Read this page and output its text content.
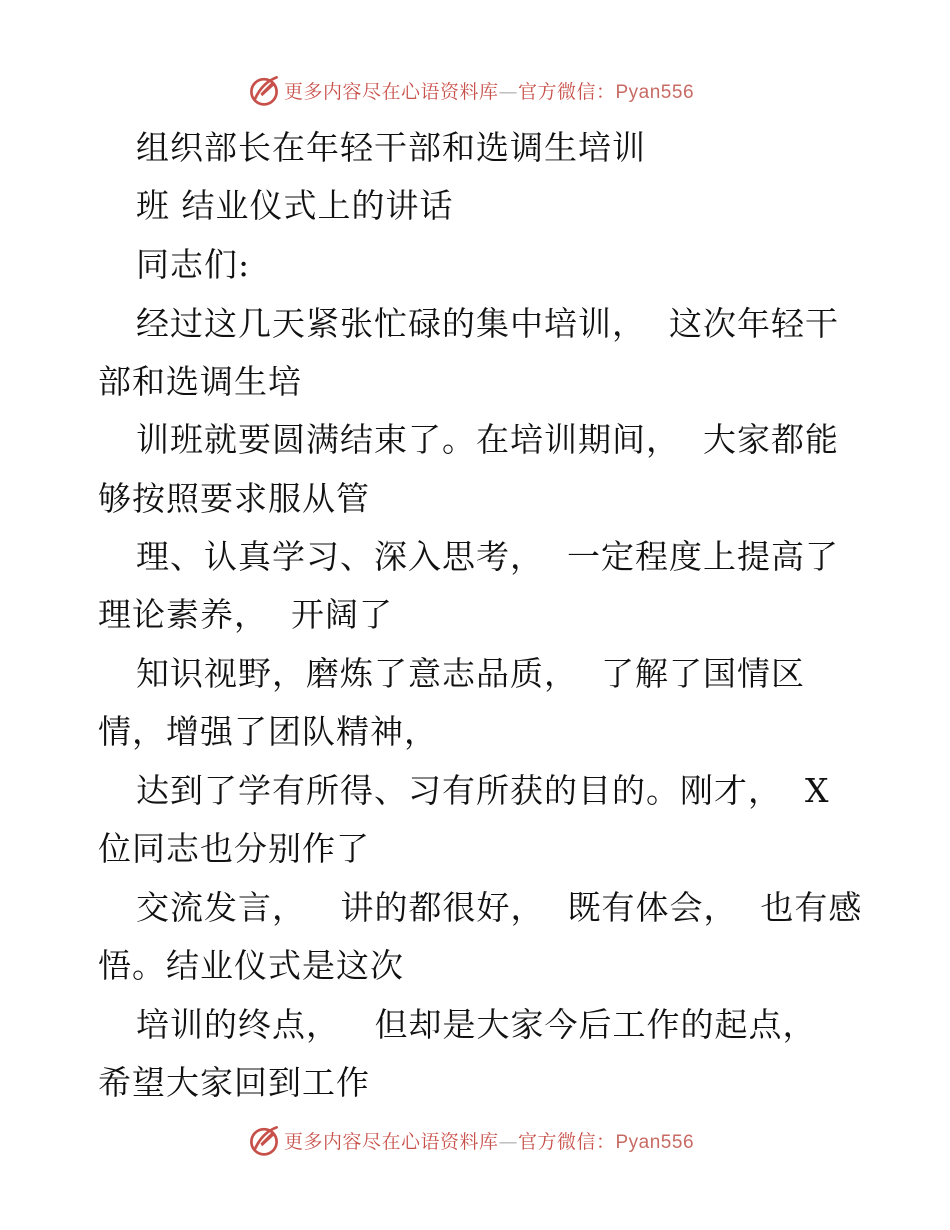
更多内容尽在心语资料库—官方微信：Pyan556
组织部长在年轻干部和选调生培训
班 结业仪式上的讲话
同志们:
经过这几天紧张忙碌的集中培训，  这次年轻干
部和选调生培
训班就要圆满结束了。在培训期间，  大家都能
够按照要求服从管
理、认真学习、深入思考，  一定程度上提高了
理论素养，  开阔了
知识视野，磨炼了意志品质，  了解了国情区
情，增强了团队精神，
达到了学有所得、习有所获的目的。刚才，  X
位同志也分别作了
交流发言，   讲的都很好，  既有体会，  也有感
悟。结业仪式是这次
培训的终点，   但却是大家今后工作的起点，
希望大家回到工作
更多内容尽在心语资料库—官方微信：Pyan556
